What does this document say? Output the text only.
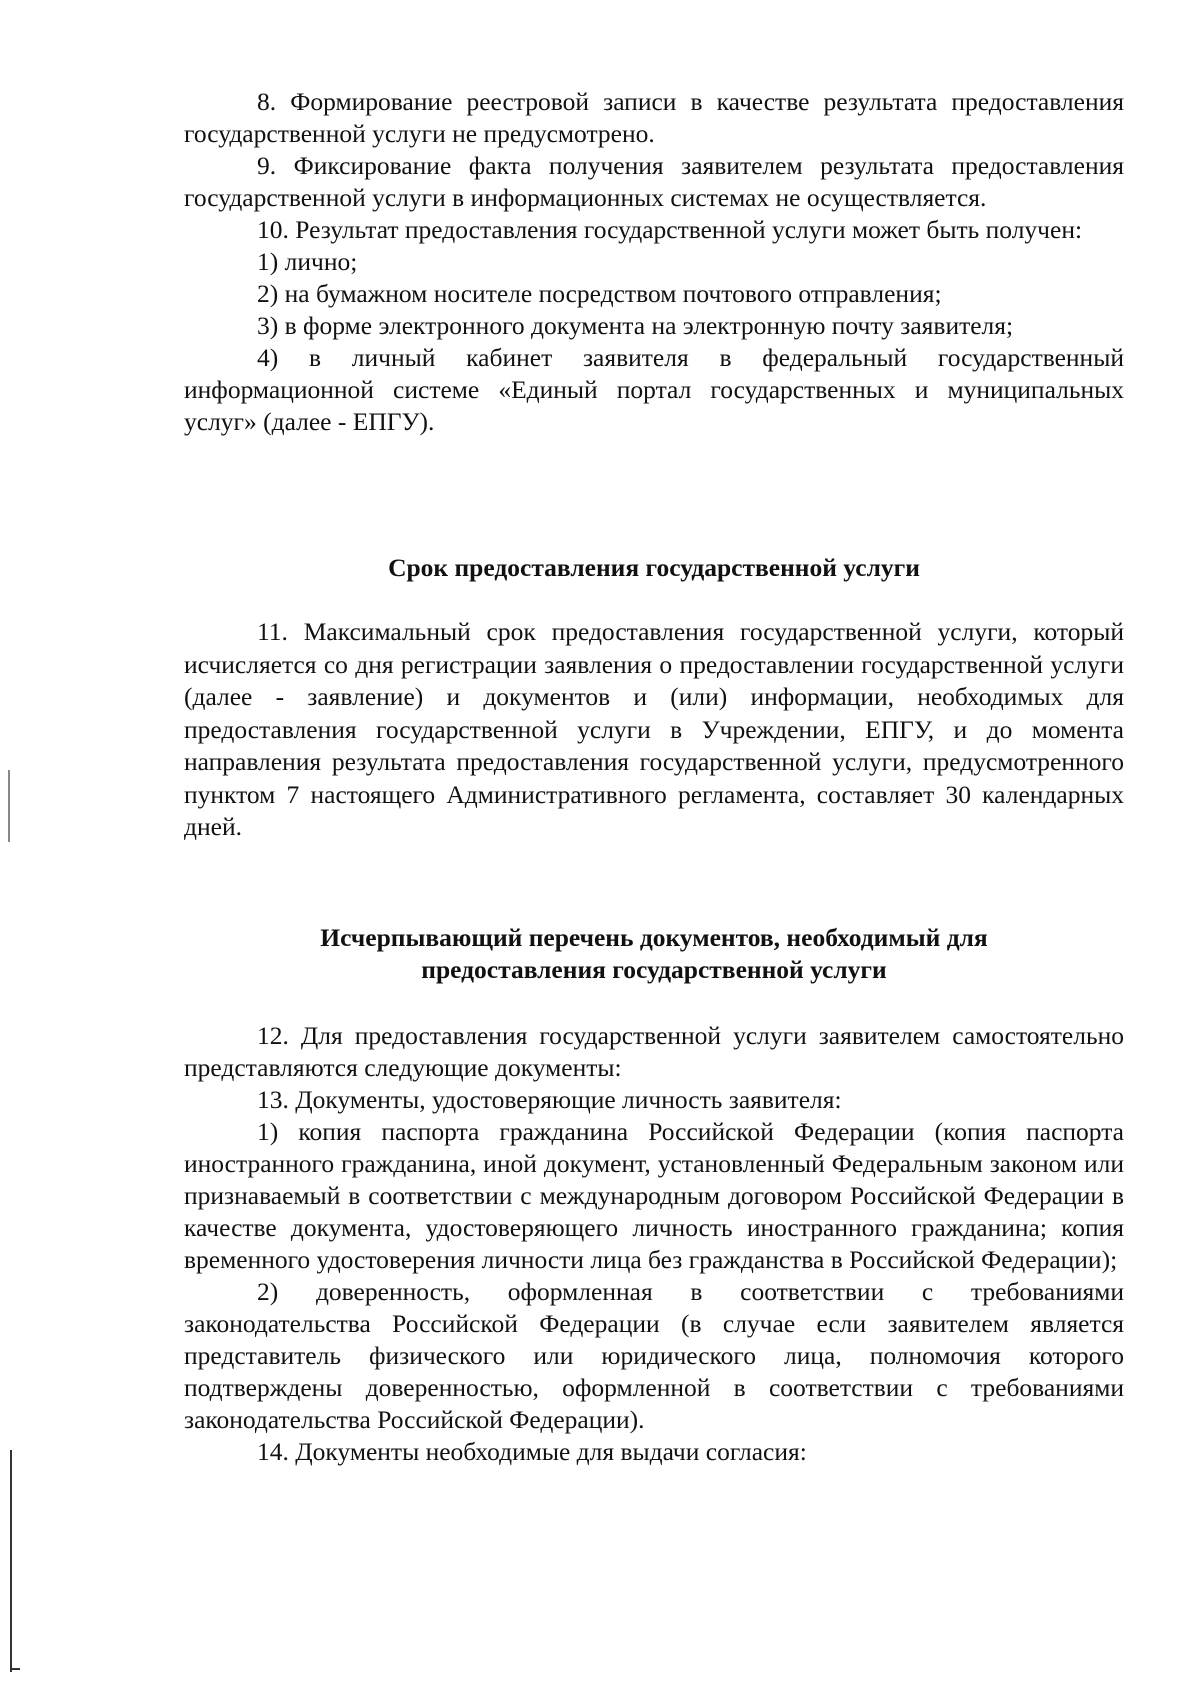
8. Формирование реестровой записи в качестве результата предоставления государственной услуги не предусмотрено.

9. Фиксирование факта получения заявителем результата предоставления государственной услуги в информационных системах не осуществляется.

10. Результат предоставления государственной услуги может быть получен:

1) лично;

2) на бумажном носителе посредством почтового отправления;

3) в форме электронного документа на электронную почту заявителя;

4) в личный кабинет заявителя в федеральный государственный информационной системе «Единый портал государственных и муниципальных услуг» (далее - ЕПГУ).

Срок предоставления государственной услуги

11. Максимальный срок предоставления государственной услуги, который исчисляется со дня регистрации заявления о предоставлении государственной услуги (далее - заявление) и документов и (или) информации, необходимых для предоставления государственной услуги в Учреждении, ЕПГУ, и до момента направления результата предоставления государственной услуги, предусмотренного пунктом 7 настоящего Административного регламента, составляет 30 календарных дней.

Исчерпывающий перечень документов, необходимый для

предоставления государственной услуги

12. Для предоставления государственной услуги заявителем самостоятельно представляются следующие документы:

13. Документы, удостоверяющие личность заявителя:

1) копия паспорта гражданина Российской Федерации (копия паспорта иностранного гражданина, иной документ, установленный Федеральным законом или признаваемый в соответствии с международным договором Российской Федерации в качестве документа, удостоверяющего личность иностранного гражданина; копия временного удостоверения личности лица без гражданства в Российской Федерации);

2) доверенность, оформленная в соответствии с требованиями законодательства Российской Федерации (в случае если заявителем является представитель физического или юридического лица, полномочия которого подтверждены доверенностью, оформленной в соответствии с требованиями законодательства Российской Федерации).

14. Документы необходимые для выдачи согласия:
